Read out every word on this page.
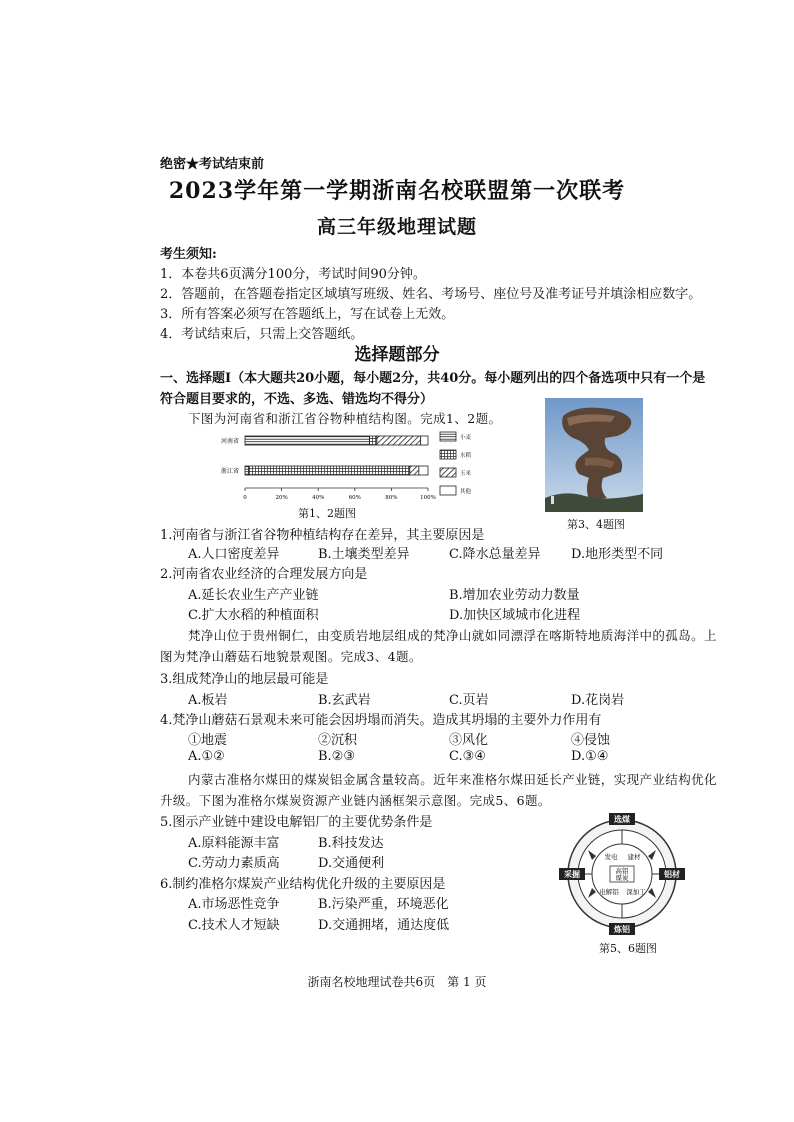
绝密★考试结束前
2023学年第一学期浙南名校联盟第一次联考
高三年级地理试题
考生须知:
1．本卷共6页满分100分，考试时间90分钟。
2．答题前，在答题卷指定区域填写班级、姓名、考场号、座位号及准考证号并填涂相应数字。
3．所有答案必须写在答题纸上，写在试卷上无效。
4．考试结束后，只需上交答题纸。
选择题部分
一、选择题Ⅰ（本大题共20小题，每小题2分，共40分。每小题列出的四个备选项中只有一个是
符合题目要求的，不选、多选、错选均不得分）
下图为河南省和浙江省谷物种植结构图。完成1、2题。
0	20%	40%	60%	80%	100%
河南省
浙江省
小麦
水稻
玉米
其他
第1、2题图
第3、4题图
1.河南省与浙江省谷物种植结构存在差异，其主要原因是
A.人口密度差异	B.土壤类型差异	C.降水总量差异 D.地形类型不同
2.河南省农业经济的合理发展方向是
A.延长农业生产产业链	B.增加农业劳动力数量
C.扩大水稻的种植面积	D.加快区域城市化进程
梵净山位于贵州铜仁，由变质岩地层组成的梵净山就如同漂浮在喀斯特地质海洋中的孤岛。上
图为梵净山蘑菇石地貌景观图。完成3、4题。
3.组成梵净山的地层最可能是
A.板岩	B.玄武岩	C.页岩	D.花岗岩
4.梵净山蘑菇石景观未来可能会因坍塌而消失。造成其坍塌的主要外力作用有
①地震	②沉积	③风化	④侵蚀
A.①②	B.②③	C.③④	D.①④
内蒙古准格尔煤田的煤炭铝金属含量较高。近年来准格尔煤田延长产业链，实现产业结构优化
升级。下图为准格尔煤炭资源产业链内涵框架示意图。完成5、6题。
5.图示产业链中建设电解铝厂的主要优势条件是
A.原料能源丰富	B.科技发达
C.劳动力素质高	D.交通便利
6.制约准格尔煤炭产业结构优化升级的主要原因是
A.市场恶性竞争	B.污染严重，环境恶化
C.技术人才短缺	D.交通拥堵，通达度低
选煤
铝材
炼铝
采掘
发电 建材
电解铝 深加工
高铝
煤炭
第5、6题图
浙南名校地理试卷共6页　第 1 页
